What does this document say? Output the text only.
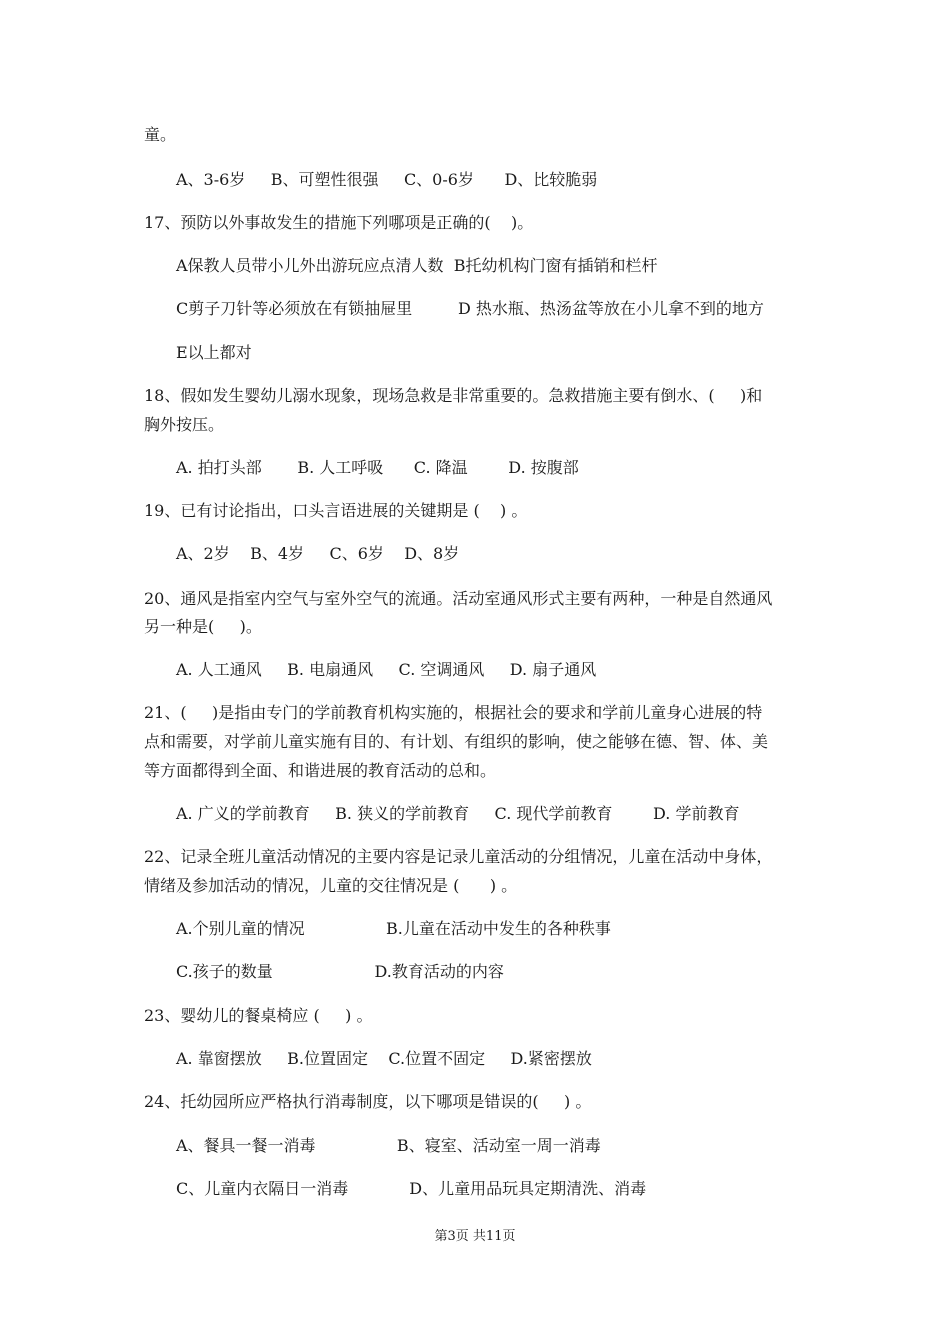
童。
A、3-6岁     B、可塑性很强     C、0-6岁      D、比较脆弱
17、预防以外事故发生的措施下列哪项是正确的(    )。
A保教人员带小儿外出游玩应点清人数  B托幼机构门窗有插销和栏杆
C剪子刀针等必须放在有锁抽屉里         D 热水瓶、热汤盆等放在小儿拿不到的地方
E以上都对
18、假如发生婴幼儿溺水现象，现场急救是非常重要的。急救措施主要有倒水、(     )和
胸外按压。
A. 拍打头部       B. 人工呼吸      C. 降温        D. 按腹部
19、已有讨论指出，口头言语进展的关键期是 (    ) 。
A、2岁    B、4岁     C、6岁    D、8岁
20、通风是指室内空气与室外空气的流通。活动室通风形式主要有两种，一种是自然通风
另一种是(     )。
A. 人工通风     B. 电扇通风     C. 空调通风     D. 扇子通风
21、(     )是指由专门的学前教育机构实施的，根据社会的要求和学前儿童身心进展的特
点和需要，对学前儿童实施有目的、有计划、有组织的影响，使之能够在德、智、体、美
等方面都得到全面、和谐进展的教育活动的总和。
A. 广义的学前教育     B. 狭义的学前教育     C. 现代学前教育        D. 学前教育
22、记录全班儿童活动情况的主要内容是记录儿童活动的分组情况，儿童在活动中身体，
情绪及参加活动的情况，儿童的交往情况是 (      ) 。
A.个别儿童的情况                B.儿童在活动中发生的各种秩事
C.孩子的数量                    D.教育活动的内容
23、婴幼儿的餐桌椅应 (     ) 。
A. 靠窗摆放     B.位置固定    C.位置不固定     D.紧密摆放
24、托幼园所应严格执行消毒制度，以下哪项是错误的(     ) 。
A、餐具一餐一消毒                B、寝室、活动室一周一消毒
C、儿童内衣隔日一消毒            D、儿童用品玩具定期清洗、消毒
第3页 共11页
